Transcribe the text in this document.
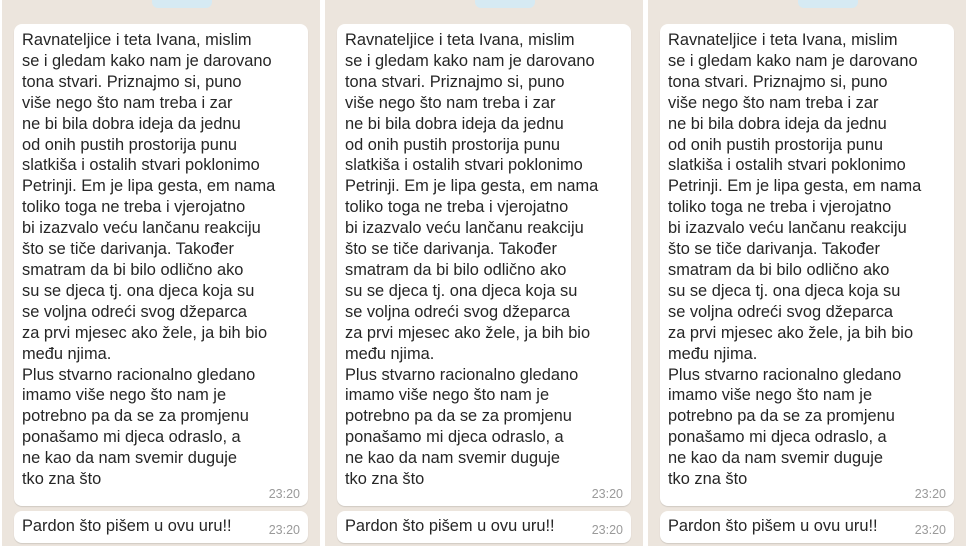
Ravnateljice i teta Ivana, mislim
se i gledam kako nam je darovano
tona stvari. Priznajmo si, puno
više nego što nam treba i zar
ne bi bila dobra ideja da jednu
od onih pustih prostorija punu
slatkiša i ostalih stvari poklonimo
Petrinji. Em je lipa gesta, em nama
toliko toga ne treba i vjerojatno
bi izazvalo veću lančanu reakciju
što se tiče darivanja. Također
smatram da bi bilo odlično ako
su se djeca tj. ona djeca koja su
se voljna odreći svog džeparca
za prvi mjesec ako žele, ja bih bio
među njima.
Plus stvarno racionalno gledano
imamo više nego što nam je
potrebno pa da se za promjenu
ponašamo mi djeca odraslo, a
ne kao da nam svemir duguje
tko zna što

23:20

Pardon što pišem u ovu uru!!	23:20

Ravnateljice i teta Ivana, mislim
se i gledam kako nam je darovano
tona stvari. Priznajmo si, puno
više nego što nam treba i zar
ne bi bila dobra ideja da jednu
od onih pustih prostorija punu
slatkiša i ostalih stvari poklonimo
Petrinji. Em je lipa gesta, em nama
toliko toga ne treba i vjerojatno
bi izazvalo veću lančanu reakciju
što se tiče darivanja. Također
smatram da bi bilo odlično ako
su se djeca tj. ona djeca koja su
se voljna odreći svog džeparca
za prvi mjesec ako žele, ja bih bio
među njima.
Plus stvarno racionalno gledano
imamo više nego što nam je
potrebno pa da se za promjenu
ponašamo mi djeca odraslo, a
ne kao da nam svemir duguje
tko zna što

23:20

Pardon što pišem u ovu uru!!	23:20

Ravnateljice i teta Ivana, mislim
se i gledam kako nam je darovano
tona stvari. Priznajmo si, puno
više nego što nam treba i zar
ne bi bila dobra ideja da jednu
od onih pustih prostorija punu
slatkiša i ostalih stvari poklonimo
Petrinji. Em je lipa gesta, em nama
toliko toga ne treba i vjerojatno
bi izazvalo veću lančanu reakciju
što se tiče darivanja. Također
smatram da bi bilo odlično ako
su se djeca tj. ona djeca koja su
se voljna odreći svog džeparca
za prvi mjesec ako žele, ja bih bio
među njima.
Plus stvarno racionalno gledano
imamo više nego što nam je
potrebno pa da se za promjenu
ponašamo mi djeca odraslo, a
ne kao da nam svemir duguje
tko zna što

23:20

Pardon što pišem u ovu uru!!	23:20
